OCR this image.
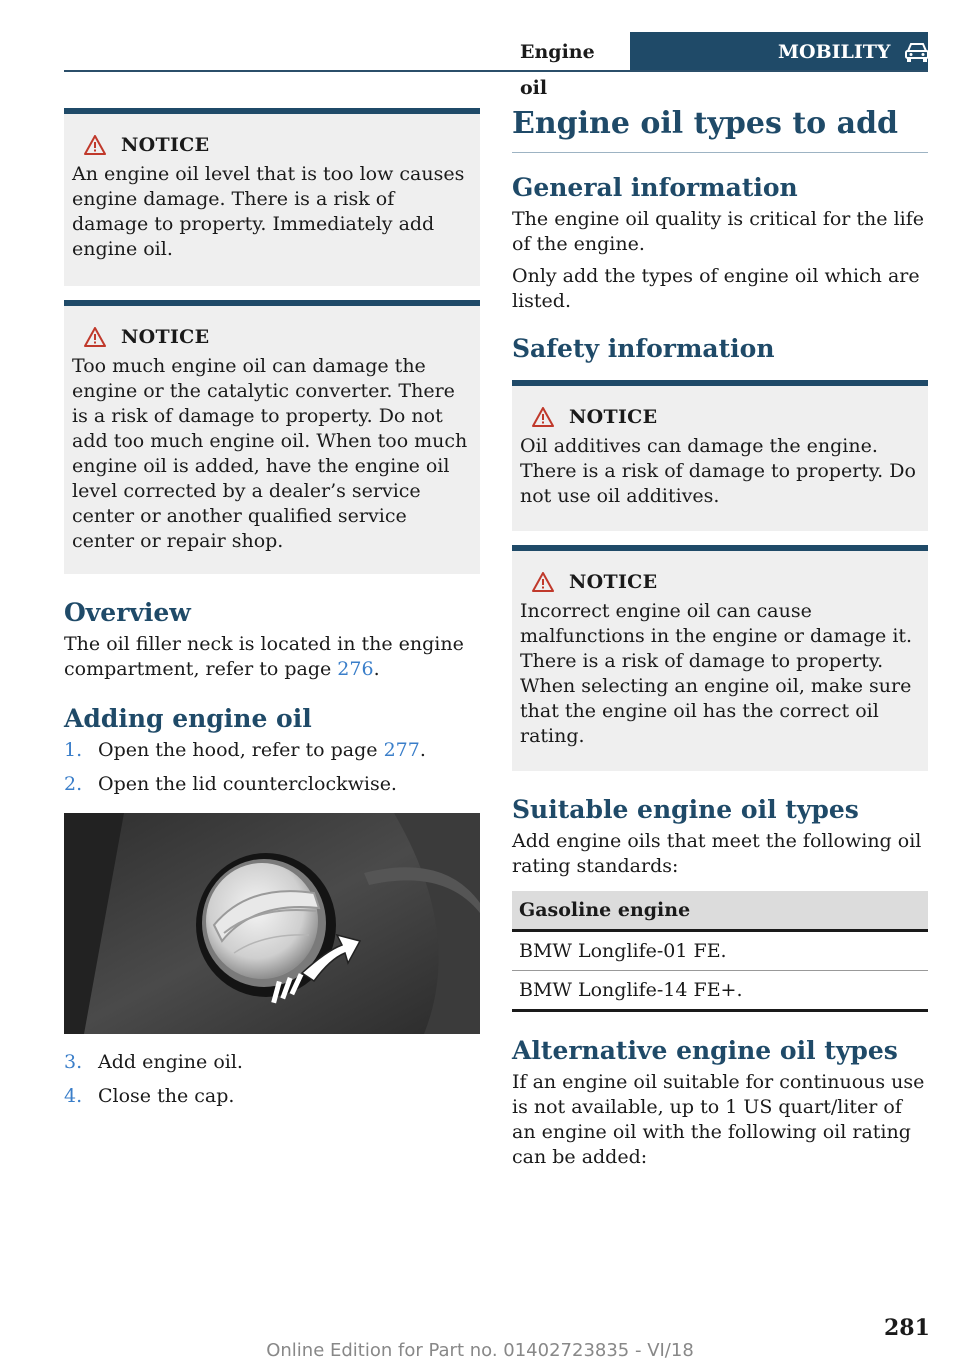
Engine oil
MOBILITY
NOTICE
An engine oil level that is too low causes engine damage. There is a risk of damage to property. Immediately add engine oil.
NOTICE
Too much engine oil can damage the engine or the catalytic converter. There is a risk of damage to property. Do not add too much engine oil. When too much engine oil is added, have the engine oil level corrected by a dealer’s service center or another qualified service center or repair shop.
Overview

The oil filler neck is located in the engine compartment, refer to page 276.

Adding engine oil
1. Open the hood, refer to page 277.
2. Open the lid counterclockwise.
3. Add engine oil.
4. Close the cap.
Engine oil types to add
General information

The engine oil quality is critical for the life of the engine.

Only add the types of engine oil which are listed.

Safety information
NOTICE
Oil additives can damage the engine. There is a risk of damage to property. Do not use oil additives.
NOTICE
Incorrect engine oil can cause malfunctions in the engine or damage it. There is a risk of damage to property. When selecting an engine oil, make sure that the engine oil has the correct oil rating.
Suitable engine oil types

Add engine oils that meet the following oil rating standards:

Gasoline engine
BMW Longlife-01 FE.
BMW Longlife-14 FE+.
Alternative engine oil types

If an engine oil suitable for continuous use is not available, up to 1 US quart/liter of an engine oil with the following oil rating can be added:

281
Online Edition for Part no. 01402723835 - VI/18
